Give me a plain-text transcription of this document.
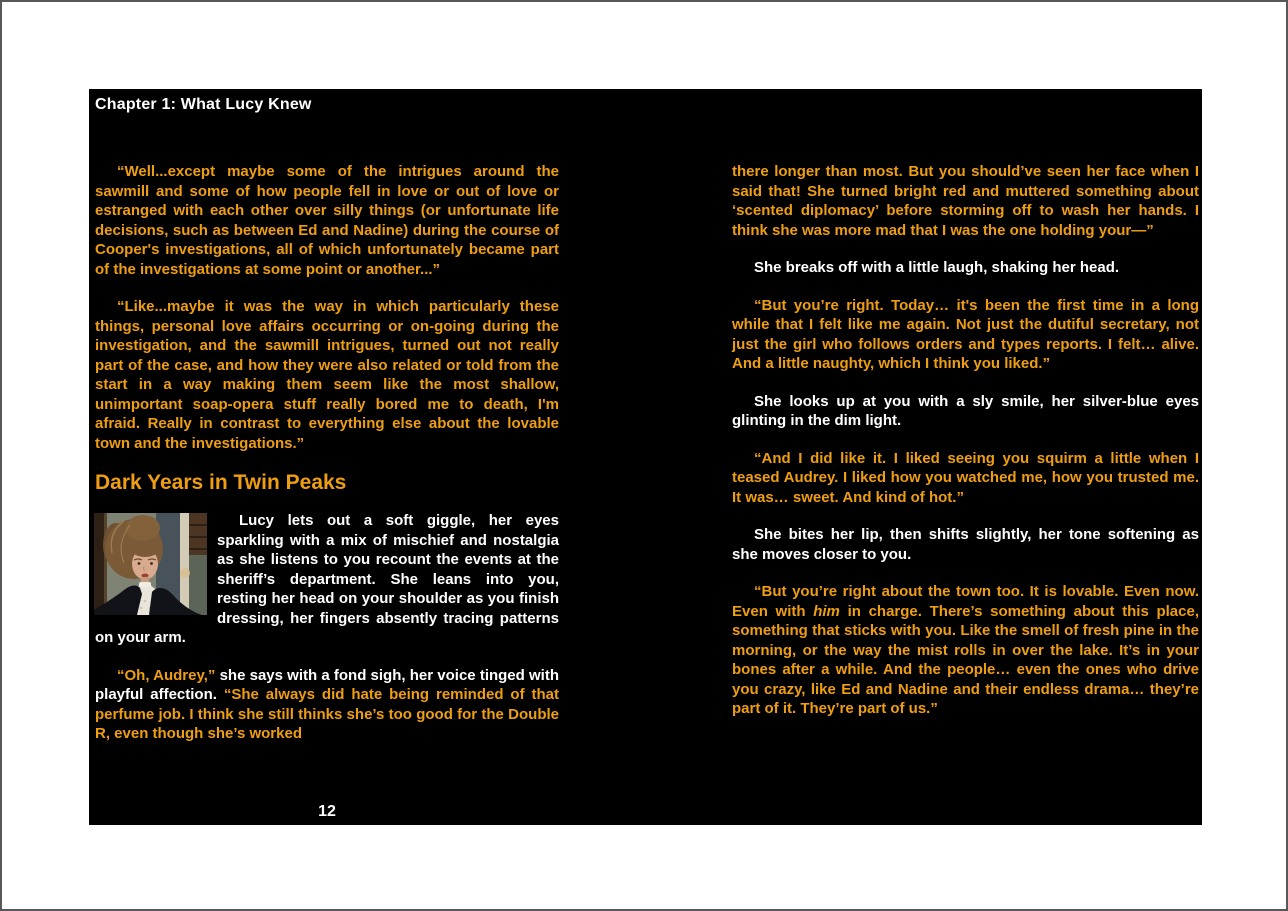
Chapter 1: What Lucy Knew

“Well...except maybe some of the intrigues around the sawmill and some of how people fell in love or out of love or estranged with each other over silly things (or unfortunate life decisions, such as between Ed and Nadine) during the course of Cooper's investigations, all of which unfortunately became part of the investigations at some point or another...”

“Like...maybe it was the way in which particularly these things, personal love affairs occurring or on-going during the investigation, and the sawmill intrigues, turned out not really part of the case, and how they were also related or told from the start in a way making them seem like the most shallow, unimportant soap-opera stuff really bored me to death, I'm afraid. Really in contrast to everything else about the lovable town and the investigations.”

Dark Years in Twin Peaks
Lucy lets out a soft giggle, her eyes sparkling with a mix of mischief and nostalgia as she listens to you recount the events at the sheriff’s department. She leans into you, resting her head on your shoulder as you finish dressing, her fingers absently tracing patterns on your arm.

“Oh, Audrey,” she says with a fond sigh, her voice tinged with playful affection. “She always did hate being reminded of that perfume job. I think she still thinks she’s too good for the Double R, even though she’s worked

there longer than most. But you should’ve seen her face when I said that! She turned bright red and muttered something about ‘scented diplomacy’ before storming off to wash her hands. I think she was more mad that I was the one holding your—”

She breaks off with a little laugh, shaking her head.

“But you’re right. Today… it's been the first time in a long while that I felt like me again. Not just the dutiful secretary, not just the girl who follows orders and types reports. I felt… alive. And a little naughty, which I think you liked.”

She looks up at you with a sly smile, her silver-blue eyes glinting in the dim light.

“And I did like it. I liked seeing you squirm a little when I teased Audrey. I liked how you watched me, how you trusted me. It was… sweet. And kind of hot.”

She bites her lip, then shifts slightly, her tone softening as she moves closer to you.

“But you’re right about the town too. It is lovable. Even now. Even with him in charge. There’s something about this place, something that sticks with you. Like the smell of fresh pine in the morning, or the way the mist rolls in over the lake. It’s in your bones after a while. And the people… even the ones who drive you crazy, like Ed and Nadine and their endless drama… they’re part of it. They’re part of us.”

12
